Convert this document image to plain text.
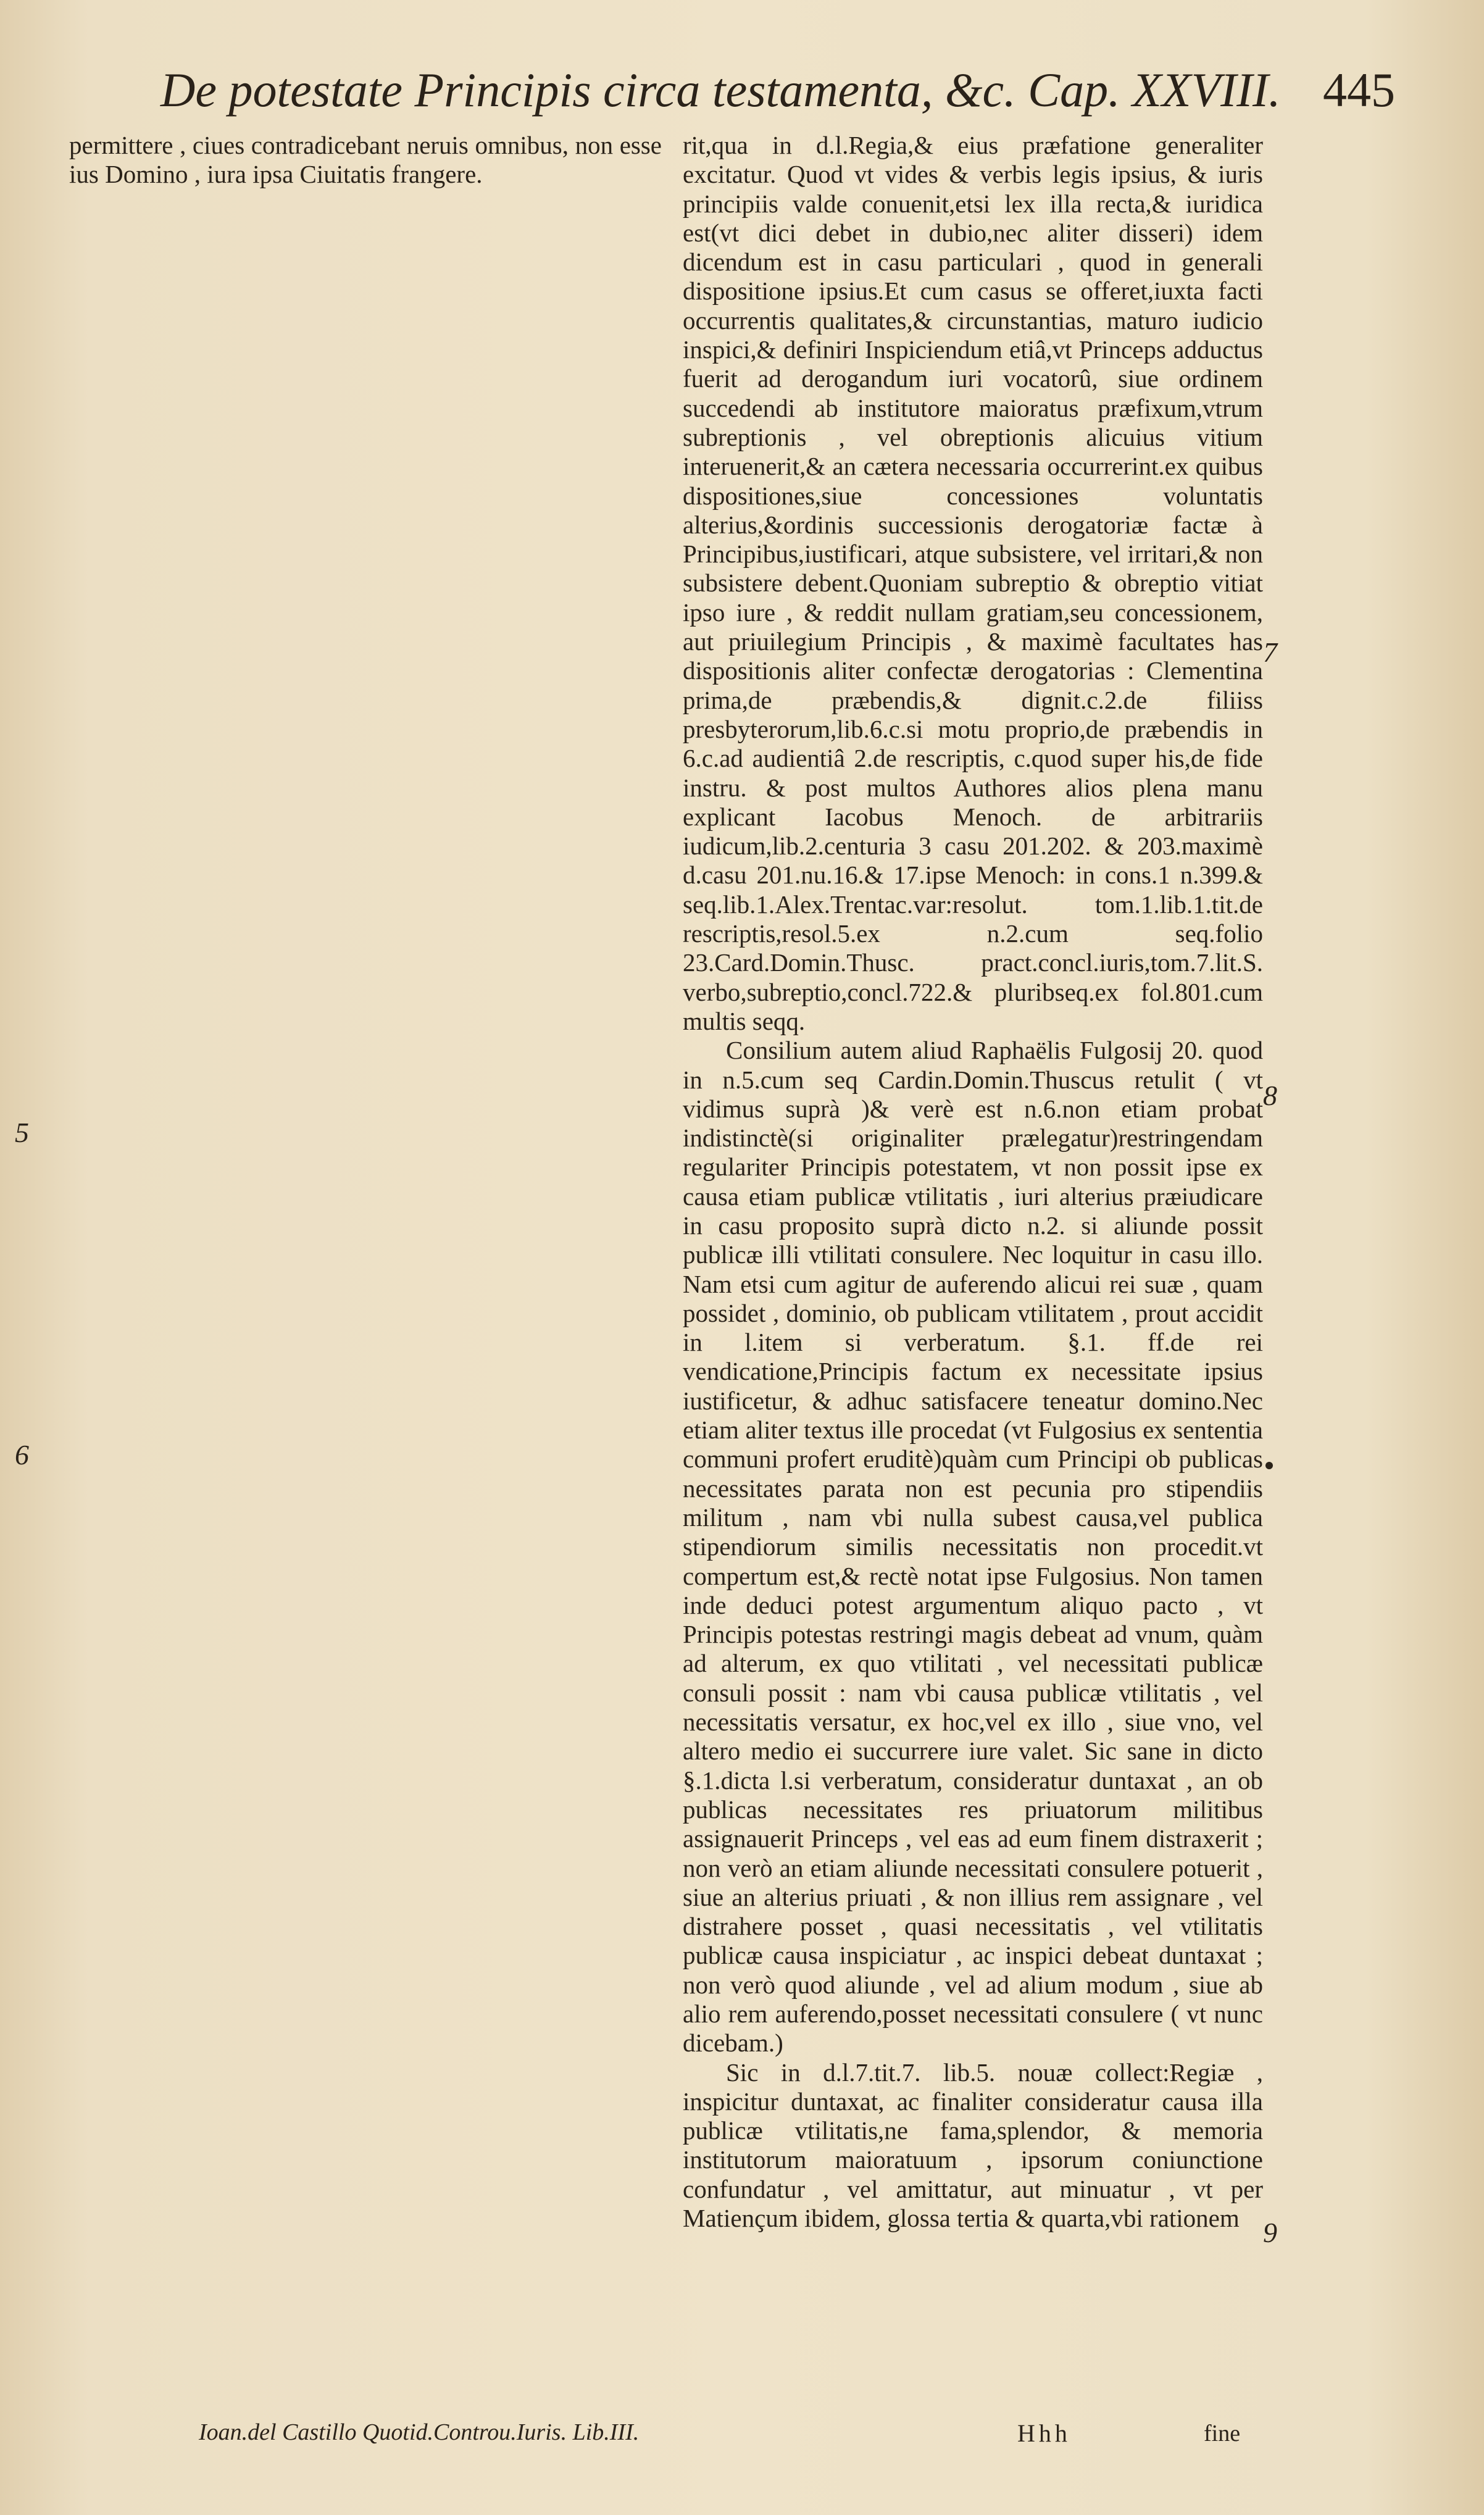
De potestate Principis circa testamenta, &c. Cap. XXVIII. 445

permittere , ciues contradicebant neruis omnibus, non esse ius Domino , iura ipsa Ciuitatis frangere.

rit,qua in d.l.Regia,& eius præfatione generaliter excitatur. Quod vt vides & verbis legis ipsius, & iuris principiis valde conuenit,etsi lex illa recta,& iuridica est(vt dici debet in dubio,nec aliter disseri) idem dicendum est in casu particulari , quod in generali dispositione ipsius.Et cum casus se offeret,iuxta facti occurrentis qualitates,& circunstantias, maturo iudicio inspici,& definiri Inspiciendum etiâ,vt Princeps adductus fuerit ad derogandum iuri vocatorû, siue ordinem succedendi ab institutore maioratus præfixum,vtrum subreptionis , vel obreptionis alicuius vitium interuenerit,& an cætera necessaria occurrerint.ex quibus dispositiones,siue concessiones voluntatis alterius,&ordinis successionis derogatoriæ factæ à Principibus,iustificari, atque subsistere, vel irritari,& non subsistere debent.Quoniam subreptio & obreptio vitiat ipso iure , & reddit nullam gratiam,seu concessionem, aut priuilegium Principis , & maximè facultates has dispositionis aliter confectæ derogatorias : Clementina prima,de præbendis,& dignit.c.2.de filiiss presbyterorum,lib.6.c.si motu proprio,de præbendis in 6.c.ad audientiâ 2.de rescriptis, c.quod super his,de fide instru. & post multos Authores alios plena manu explicant Iacobus Menoch. de arbitrariis iudicum,lib.2.centuria 3 casu 201.202. & 203.maximè d.casu 201.nu.16.& 17.ipse Menoch: in cons.1 n.399.& seq.lib.1.Alex.Trentac.var:resolut. tom.1.lib.1.tit.de rescriptis,resol.5.ex n.2.cum seq.folio 23.Card.Domin.Thusc. pract.concl.iuris,tom.7.lit.S. verbo,subreptio,concl.722.& pluribseq.ex fol.801.cum multis seqq.

Consilium autem aliud Raphaëlis Fulgosij 20. quod in n.5.cum seq Cardin.Domin.Thuscus retulit ( vt vidimus suprà )& verè est n.6.non etiam probat indistinctè(si originaliter prælegatur)restringendam regulariter Principis potestatem, vt non possit ipse ex causa etiam publicæ vtilitatis , iuri alterius præiudicare in casu proposito suprà dicto n.2. si aliunde possit publicæ illi vtilitati consulere. Nec loquitur in casu illo. Nam etsi cum agitur de auferendo alicui rei suæ , quam possidet , dominio, ob publicam vtilitatem , prout accidit in l.item si verberatum. §.1. ff.de rei vendicatione,Principis factum ex necessitate ipsius iustificetur, & adhuc satisfacere teneatur domino.Nec etiam aliter textus ille procedat (vt Fulgosius ex sententia communi profert eruditè)quàm cum Principi ob publicas necessitates parata non est pecunia pro stipendiis militum , nam vbi nulla subest causa,vel publica stipendiorum similis necessitatis non procedit.vt compertum est,& rectè notat ipse Fulgosius. Non tamen inde deduci potest argumentum aliquo pacto , vt Principis potestas restringi magis debeat ad vnum, quàm ad alterum, ex quo vtilitati , vel necessitati publicæ consuli possit : nam vbi causa publicæ vtilitatis , vel necessitatis versatur, ex hoc,vel ex illo , siue vno, vel altero medio ei succurrere iure valet. Sic sane in dicto §.1.dicta l.si verberatum, consideratur duntaxat , an ob publicas necessitates res priuatorum militibus assignauerit Princeps , vel eas ad eum finem distraxerit ; non verò an etiam aliunde necessitati consulere potuerit , siue an alterius priuati , & non illius rem assignare , vel distrahere posset , quasi necessitatis , vel vtilitatis publicæ causa inspiciatur , ac inspici debeat duntaxat ; non verò quod aliunde , vel ad alium modum , siue ab alio rem auferendo,posset necessitati consulere ( vt nunc dicebam.)

Sic in d.l.7.tit.7. lib.5. nouæ collect:Regiæ , inspicitur duntaxat, ac finaliter consideratur causa illa publicæ vtilitatis,ne fama,splendor, & memoria institutorum maioratuum , ipsorum coniunctione confundatur , vel amittatur, aut minuatur , vt per Matiençum ibidem, glossa tertia & quarta,vbi rationem

5
6
7
8
9
Ioan.del Castillo Quotid.Controu.Iuris. Lib.III.	Hhh	fine
